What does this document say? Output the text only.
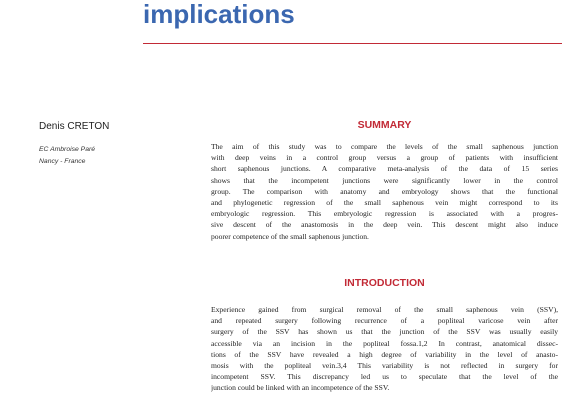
implications

Denis CRETON

EC Ambroise Paré

Nancy - France

SUMMARY
The aim of this study was to compare the levels of the small saphenous junction
with deep veins in a control group versus a group of patients with insufficient
short saphenous junctions. A comparative meta-analysis of the data of 15 series
shows that the incompetent junctions were significantly lower in the control
group. The comparison with anatomy and embryology shows that the functional
and phylogenetic regression of the small saphenous vein might correspond to its
embryologic regression. This embryologic regression is associated with a progres-
sive descent of the anastomosis in the deep vein. This descent might also induce
poorer competence of the small saphenous junction.
INTRODUCTION
Experience gained from surgical removal of the small saphenous vein (SSV),
and repeated surgery following recurrence of a popliteal varicose vein after
surgery of the SSV has shown us that the junction of the SSV was usually easily
accessible via an incision in the popliteal fossa.1,2 In contrast, anatomical dissec-
tions of the SSV have revealed a high degree of variability in the level of anasto-
mosis with the popliteal vein.3,4 This variability is not reflected in surgery for
incompetent SSV. This discrepancy led us to speculate that the level of the
junction could be linked with an incompetence of the SSV.
